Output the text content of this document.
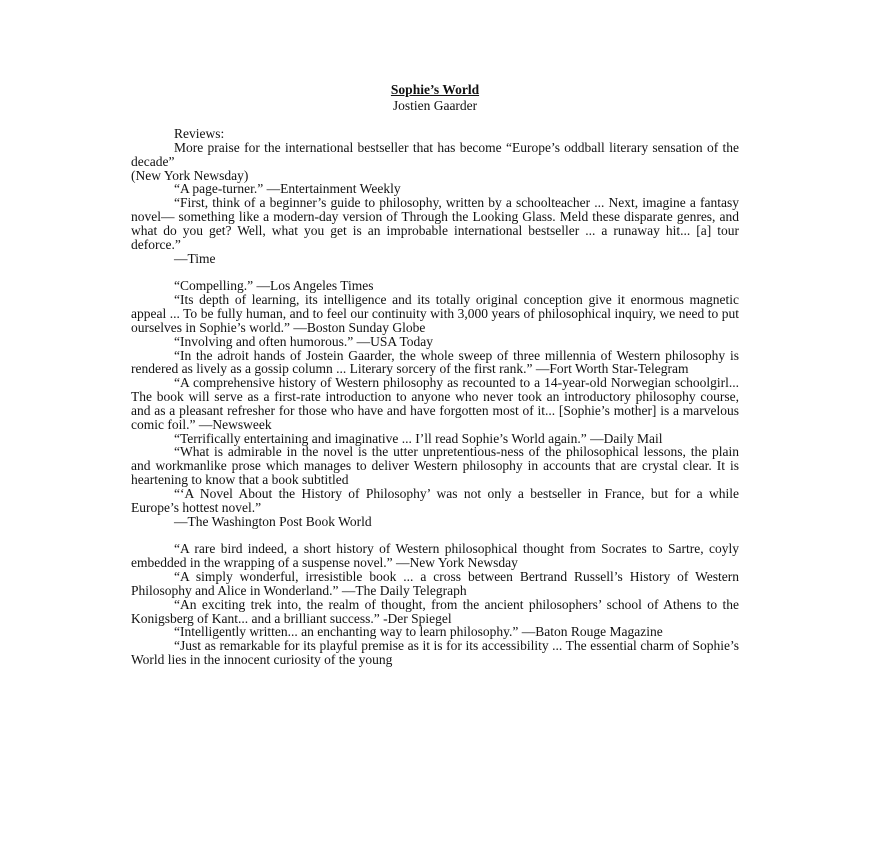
Sophie’s World
Jostien Gaarder

Reviews:

More praise for the international bestseller that has become “Europe’s oddball literary sensation of the decade”

(New York Newsday)

“A page-turner.” —Entertainment Weekly

“First, think of a beginner’s guide to philosophy, written by a schoolteacher ... Next, imagine a fantasy novel— something like a modern-day version of Through the Looking Glass. Meld these disparate genres, and what do you get? Well, what you get is an improbable international bestseller ... a runaway hit... [a] tour deforce.”

—Time

“Compelling.” —Los Angeles Times

“Its depth of learning, its intelligence and its totally original conception give it enormous magnetic appeal ... To be fully human, and to feel our continuity with 3,000 years of philosophical inquiry, we need to put ourselves in Sophie’s world.” —Boston Sunday Globe

“Involving and often humorous.” —USA Today

“In the adroit hands of Jostein Gaarder, the whole sweep of three millennia of Western philosophy is rendered as lively as a gossip column ... Literary sorcery of the first rank.” —Fort Worth Star-Telegram

“A comprehensive history of Western philosophy as recounted to a 14-year-old Norwegian schoolgirl... The book will serve as a first-rate introduction to anyone who never took an introductory philosophy course, and as a pleasant refresher for those who have and have forgotten most of it... [Sophie’s mother] is a marvelous comic foil.” —Newsweek

“Terrifically entertaining and imaginative ... I’ll read Sophie’s World again.” —Daily Mail

“What is admirable in the novel is the utter unpretentious-ness of the philosophical lessons, the plain and workmanlike prose which manages to deliver Western philosophy in accounts that are crystal clear. It is heartening to know that a book subtitled

“‘A Novel About the History of Philosophy’ was not only a bestseller in France, but for a while Europe’s hottest novel.”

—The Washington Post Book World

“A rare bird indeed, a short history of Western philosophical thought from Socrates to Sartre, coyly embedded in the wrapping of a suspense novel.” —New York Newsday

“A simply wonderful, irresistible book ... a cross between Bertrand Russell’s History of Western Philosophy and Alice in Wonderland.” —The Daily Telegraph

“An exciting trek into, the realm of thought, from the ancient philosophers’ school of Athens to the Konigsberg of Kant... and a brilliant success.” -Der Spiegel

“Intelligently written... an enchanting way to learn philosophy.” —Baton Rouge Magazine

“Just as remarkable for its playful premise as it is for its accessibility ... The essential charm of Sophie’s World lies in the innocent curiosity of the young
